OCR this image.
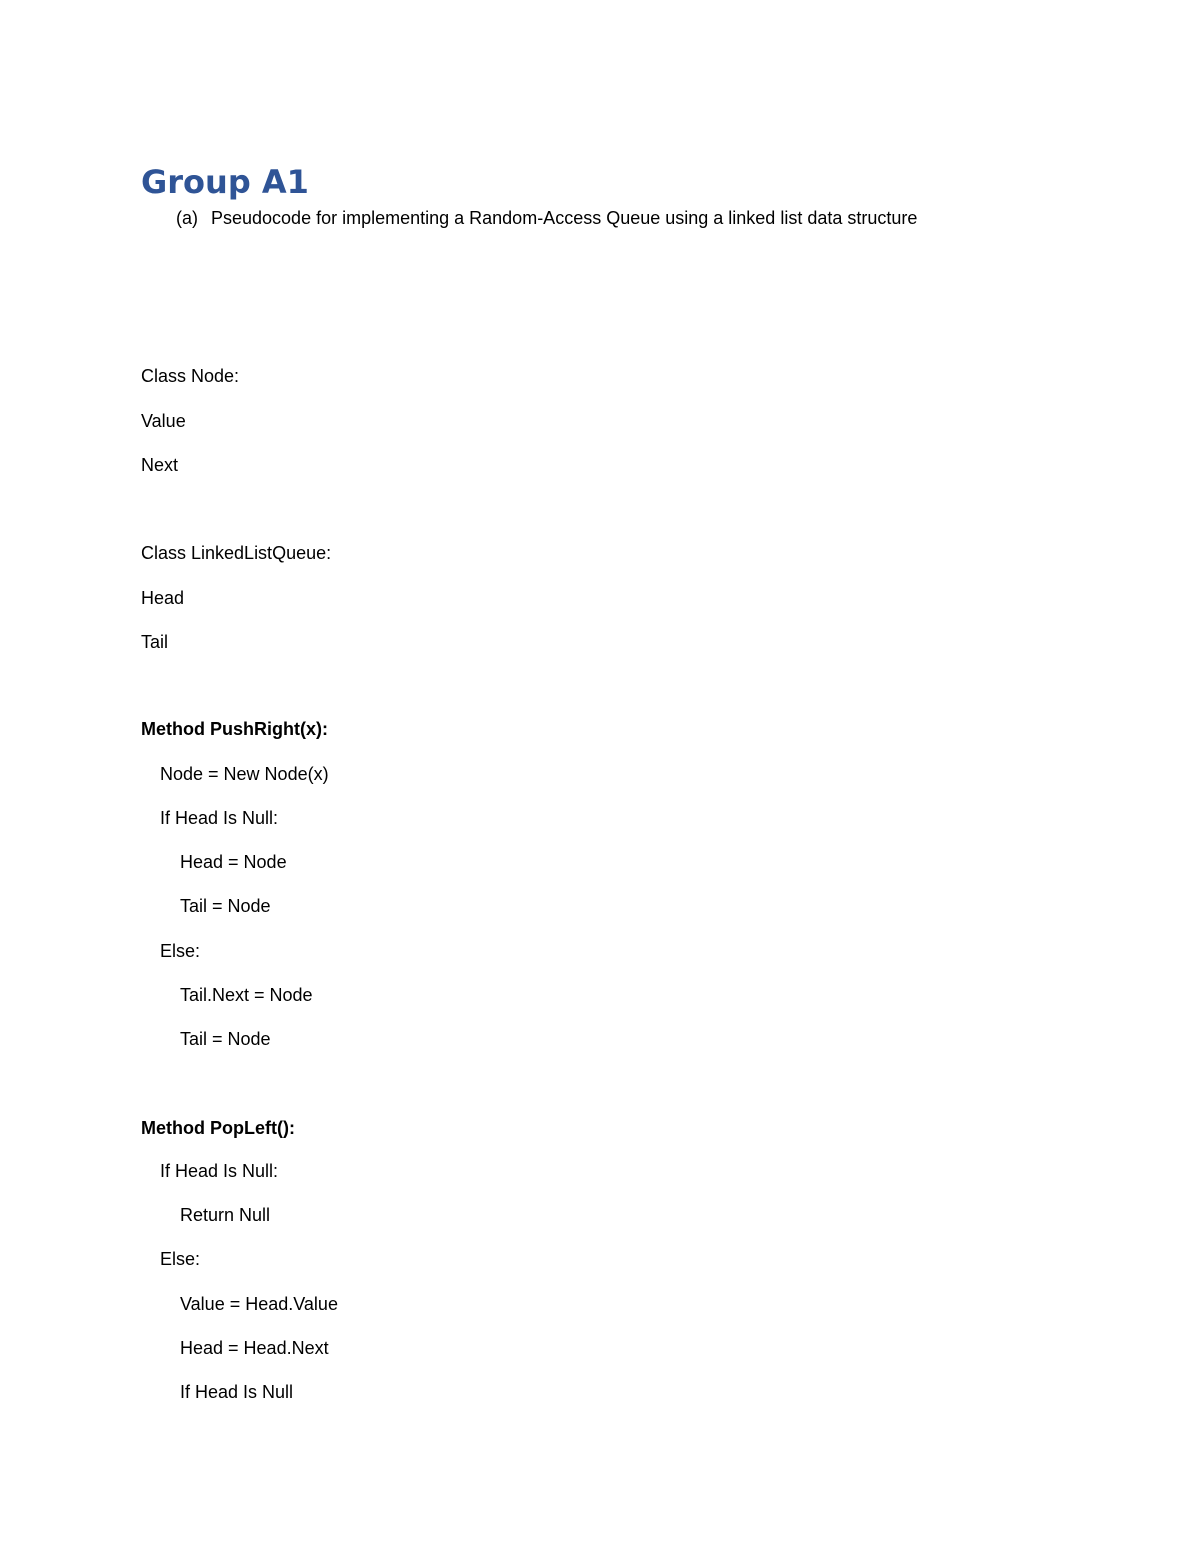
Group A1
(a) Pseudocode for implementing a Random-Access Queue using a linked list data structure
Class Node:
Value
Next
Class LinkedListQueue:
Head
Tail
Method PushRight(x):
Node = New Node(x)
If Head Is Null:
Head = Node
Tail = Node
Else:
Tail.Next = Node
Tail = Node
Method PopLeft():
If Head Is Null:
Return Null
Else:
Value = Head.Value
Head = Head.Next
If Head Is Null
